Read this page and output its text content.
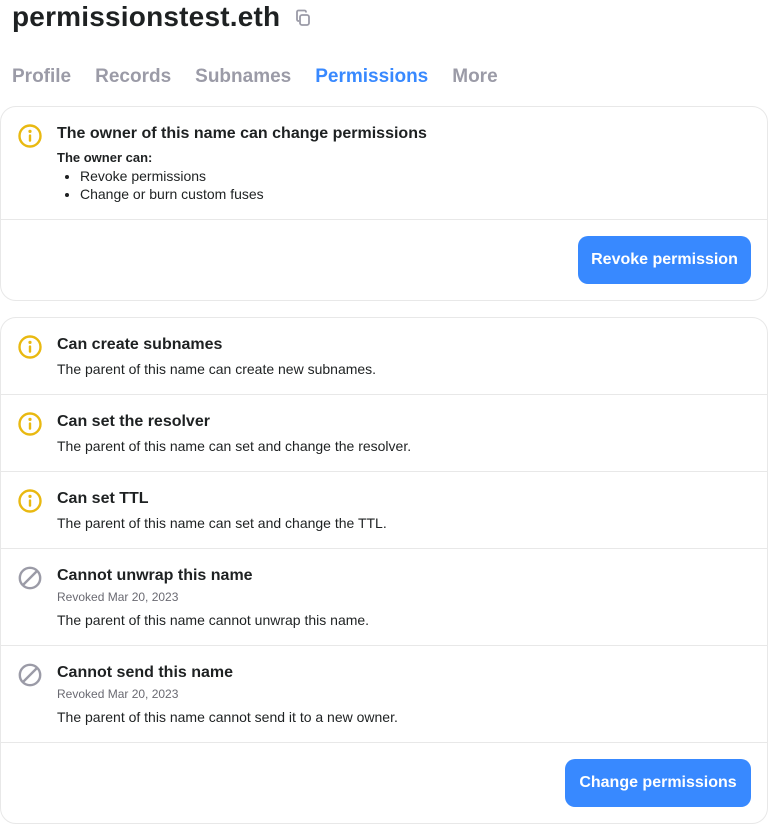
permissionstest.eth
Profile Records Subnames Permissions More
The owner of this name can change permissions
The owner can:
• Revoke permissions
• Change or burn custom fuses
Revoke permission
Can create subnames
The parent of this name can create new subnames.
Can set the resolver
The parent of this name can set and change the resolver.
Can set TTL
The parent of this name can set and change the TTL.
Cannot unwrap this name
Revoked Mar 20, 2023
The parent of this name cannot unwrap this name.
Cannot send this name
Revoked Mar 20, 2023
The parent of this name cannot send it to a new owner.
Change permissions
